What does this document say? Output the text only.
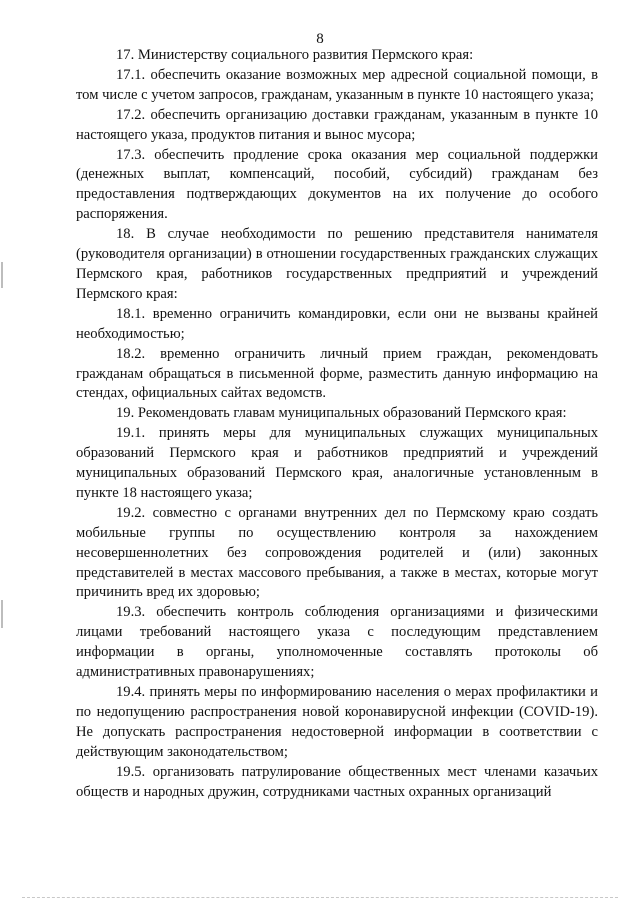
8

17. Министерству социального развития Пермского края:

17.1. обеспечить оказание возможных мер адресной социальной помощи, в том числе с учетом запросов, гражданам, указанным в пункте 10 настоящего указа;

17.2. обеспечить организацию доставки гражданам, указанным в пункте 10 настоящего указа, продуктов питания и вынос мусора;

17.3. обеспечить продление срока оказания мер социальной поддержки (денежных выплат, компенсаций, пособий, субсидий) гражданам без предоставления подтверждающих документов на их получение до особого распоряжения.

18. В случае необходимости по решению представителя нанимателя (руководителя организации) в отношении государственных гражданских служащих Пермского края, работников государственных предприятий и учреждений Пермского края:

18.1. временно ограничить командировки, если они не вызваны крайней необходимостью;

18.2. временно ограничить личный прием граждан, рекомендовать гражданам обращаться в письменной форме, разместить данную информацию на стендах, официальных сайтах ведомств.

19. Рекомендовать главам муниципальных образований Пермского края:

19.1. принять меры для муниципальных служащих муниципальных образований Пермского края и работников предприятий и учреждений муниципальных образований Пермского края, аналогичные установленным в пункте 18 настоящего указа;

19.2. совместно с органами внутренних дел по Пермскому краю создать мобильные группы по осуществлению контроля за нахождением несовершеннолетних без сопровождения родителей и (или) законных представителей в местах массового пребывания, а также в местах, которые могут причинить вред их здоровью;

19.3. обеспечить контроль соблюдения организациями и физическими лицами требований настоящего указа с последующим представлением информации в органы, уполномоченные составлять протоколы об административных правонарушениях;

19.4. принять меры по информированию населения о мерах профилактики и по недопущению распространения новой коронавирусной инфекции (COVID-19). Не допускать распространения недостоверной информации в соответствии с действующим законодательством;

19.5. организовать патрулирование общественных мест членами казачьих обществ и народных дружин, сотрудниками частных охранных организаций
